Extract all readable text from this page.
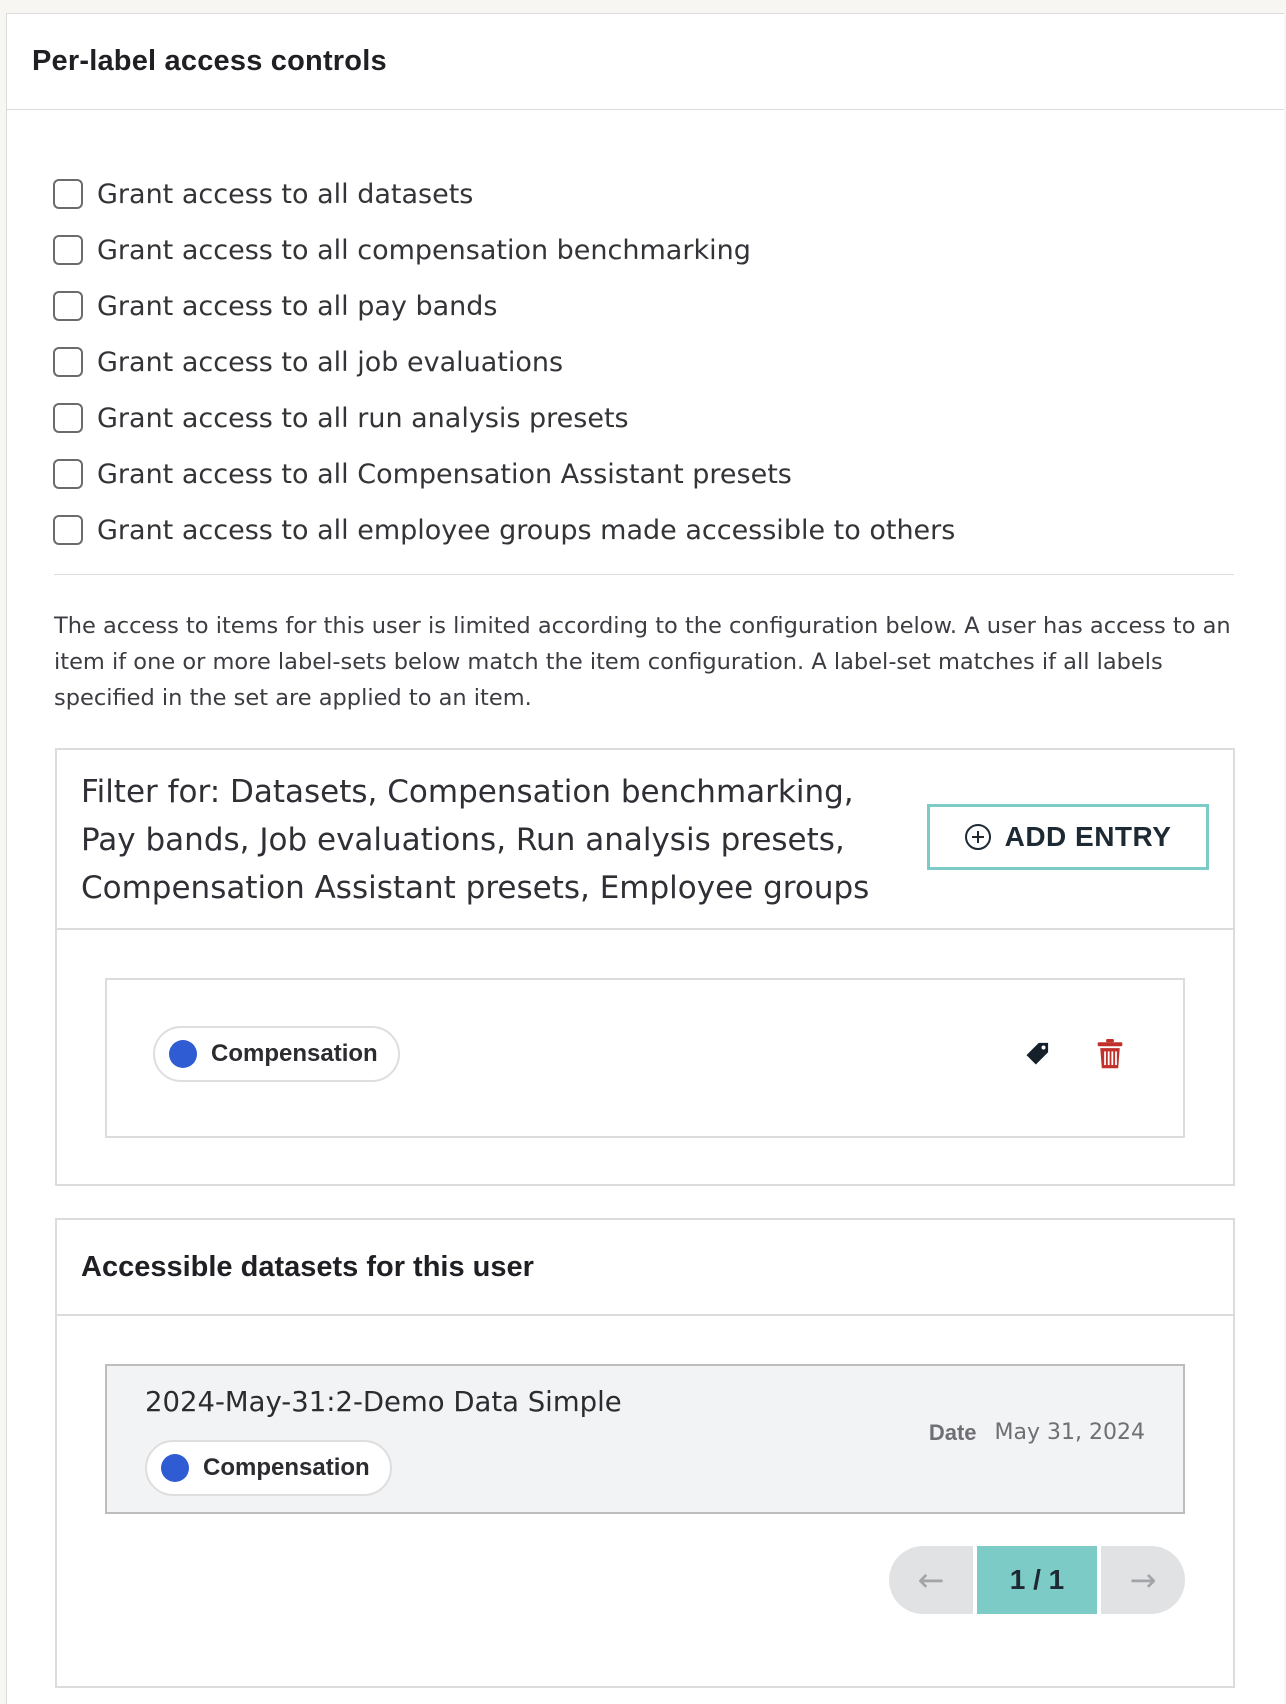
Per-label access controls
Grant access to all datasets
Grant access to all compensation benchmarking
Grant access to all pay bands
Grant access to all job evaluations
Grant access to all run analysis presets
Grant access to all Compensation Assistant presets
Grant access to all employee groups made accessible to others
The access to items for this user is limited according to the configuration below. A user has access to an item if one or more label-sets below match the item configuration. A label-set matches if all labels specified in the set are applied to an item.
Filter for: Datasets, Compensation benchmarking, Pay bands, Job evaluations, Run analysis presets, Compensation Assistant presets, Employee groups
ADD ENTRY
Compensation
Accessible datasets for this user
2024-May-31:2-Demo Data Simple
Compensation
Date May 31, 2024
←	1 / 1	→
